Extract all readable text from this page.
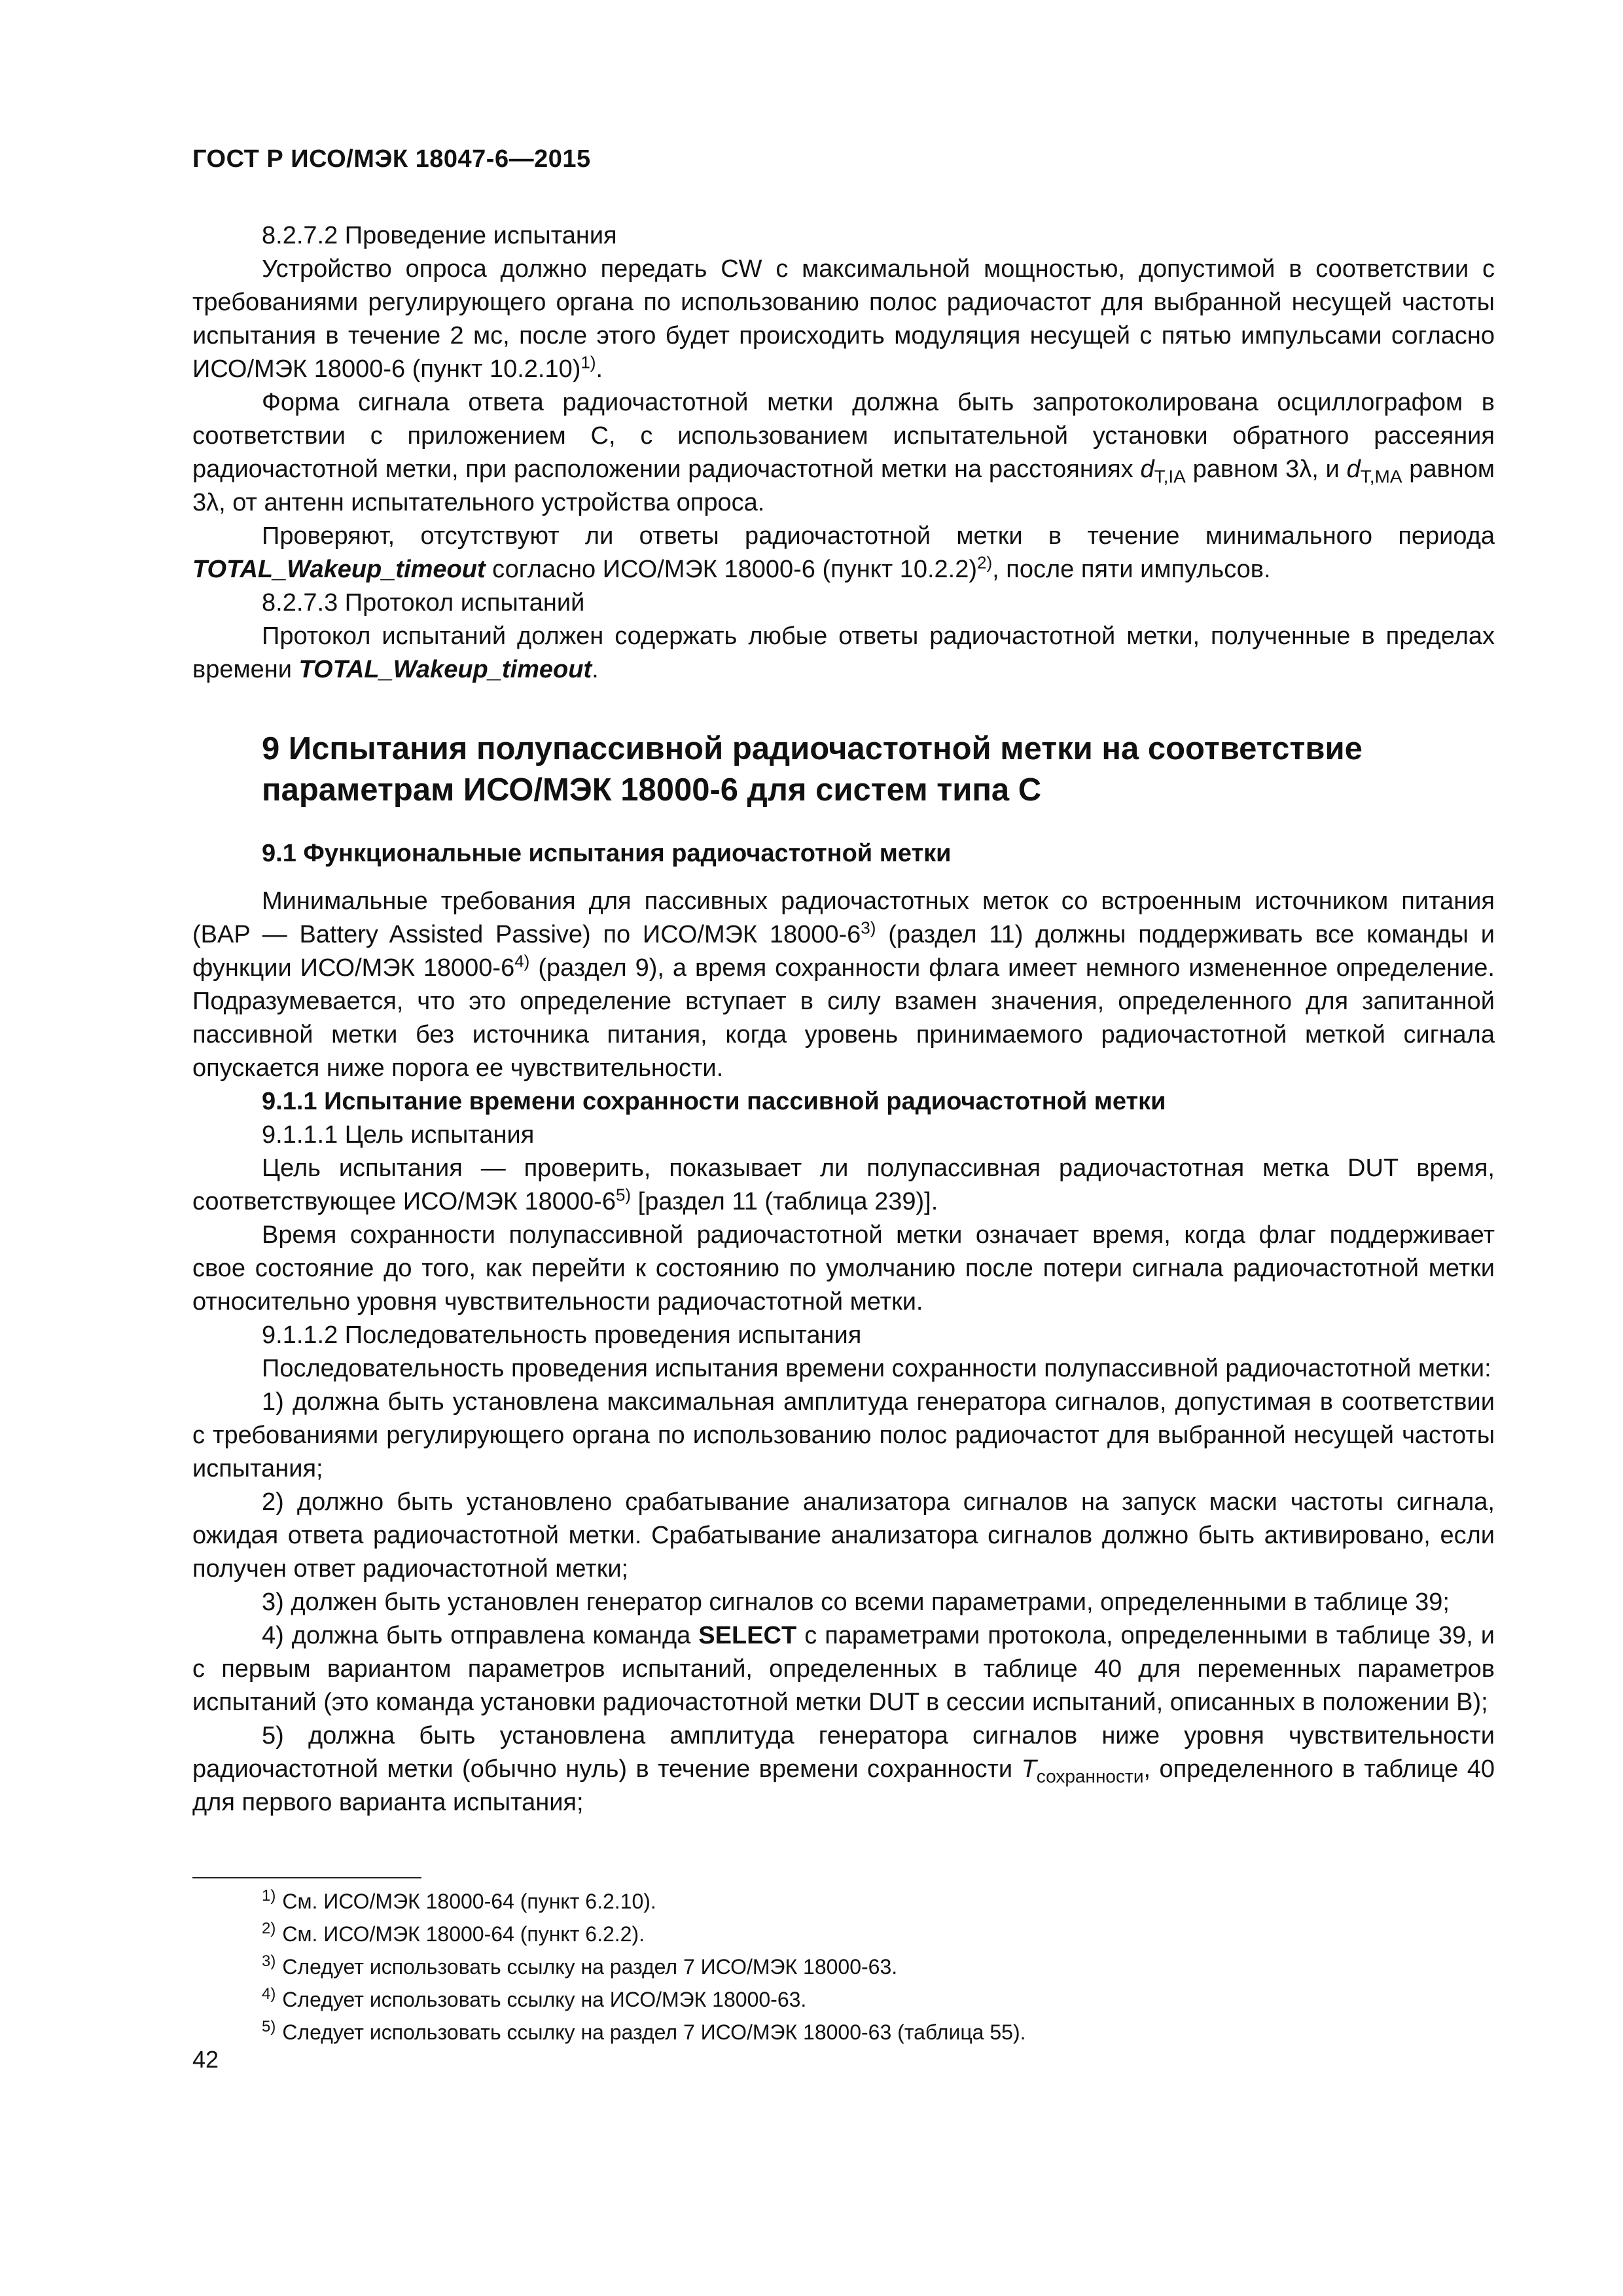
ГОСТ Р ИСО/МЭК 18047-6—2015

8.2.7.2 Проведение испытания

Устройство опроса должно передать CW с максимальной мощностью, допустимой в соответствии с требованиями регулирующего органа по использованию полос радиочастот для выбранной несущей частоты испытания в течение 2 мс, после этого будет происходить модуляция несущей с пятью импульсами согласно ИСО/МЭК 18000-6 (пункт 10.2.10)$^{1)}$.

Форма сигнала ответа радиочастотной метки должна быть запротоколирована осциллографом в соответствии с приложением С, с использованием испытательной установки обратного рассеяния радиочастотной метки, при расположении радиочастотной метки на расстояниях $d_{T,IA}$ равном 3λ, и $d_{T,MA}$ равном 3λ, от антенн испытательного устройства опроса.

Проверяют, отсутствуют ли ответы радиочастотной метки в течение минимального периода TOTAL_Wakeup_timeout согласно ИСО/МЭК 18000-6 (пункт 10.2.2)$^{2)}$, после пяти импульсов.

8.2.7.3 Протокол испытаний

Протокол испытаний должен содержать любые ответы радиочастотной метки, полученные в пределах времени TOTAL_Wakeup_timeout.

9 Испытания полупассивной радиочастотной метки на соответствие параметрам ИСО/МЭК 18000-6 для систем типа С
9.1 Функциональные испытания радиочастотной метки

Минимальные требования для пассивных радиочастотных меток со встроенным источником питания (BAP — Battery Assisted Passive) по ИСО/МЭК 18000-6$^{3)}$ (раздел 11) должны поддерживать все команды и функции ИСО/МЭК 18000-6$^{4)}$ (раздел 9), а время сохранности флага имеет немного измененное определение. Подразумевается, что это определение вступает в силу взамен значения, определенного для запитанной пассивной метки без источника питания, когда уровень принимаемого радиочастотной меткой сигнала опускается ниже порога ее чувствительности.

9.1.1 Испытание времени сохранности пассивной радиочастотной метки

9.1.1.1 Цель испытания

Цель испытания — проверить, показывает ли полупассивная радиочастотная метка DUT время, соответствующее ИСО/МЭК 18000-6$^{5)}$ [раздел 11 (таблица 239)].

Время сохранности полупассивной радиочастотной метки означает время, когда флаг поддерживает свое состояние до того, как перейти к состоянию по умолчанию после потери сигнала радиочастотной метки относительно уровня чувствительности радиочастотной метки.

9.1.1.2 Последовательность проведения испытания

Последовательность проведения испытания времени сохранности полупассивной радиочастотной метки:

1) должна быть установлена максимальная амплитуда генератора сигналов, допустимая в соответствии с требованиями регулирующего органа по использованию полос радиочастот для выбранной несущей частоты испытания;

2) должно быть установлено срабатывание анализатора сигналов на запуск маски частоты сигнала, ожидая ответа радиочастотной метки. Срабатывание анализатора сигналов должно быть активировано, если получен ответ радиочастотной метки;

3) должен быть установлен генератор сигналов со всеми параметрами, определенными в таблице 39;

4) должна быть отправлена команда SELECT с параметрами протокола, определенными в таблице 39, и с первым вариантом параметров испытаний, определенных в таблице 40 для переменных параметров испытаний (это команда установки радиочастотной метки DUT в сессии испытаний, описанных в положении B);

5) должна быть установлена амплитуда генератора сигналов ниже уровня чувствительности радиочастотной метки (обычно нуль) в течение времени сохранности $T_{сохранности}$, определенного в таблице 40 для первого варианта испытания;

$^{1)}$ См. ИСО/МЭК 18000-64 (пункт 6.2.10).
$^{2)}$ См. ИСО/МЭК 18000-64 (пункт 6.2.2).
$^{3)}$ Следует использовать ссылку на раздел 7 ИСО/МЭК 18000-63.
$^{4)}$ Следует использовать ссылку на ИСО/МЭК 18000-63.
$^{5)}$ Следует использовать ссылку на раздел 7 ИСО/МЭК 18000-63 (таблица 55).
42
